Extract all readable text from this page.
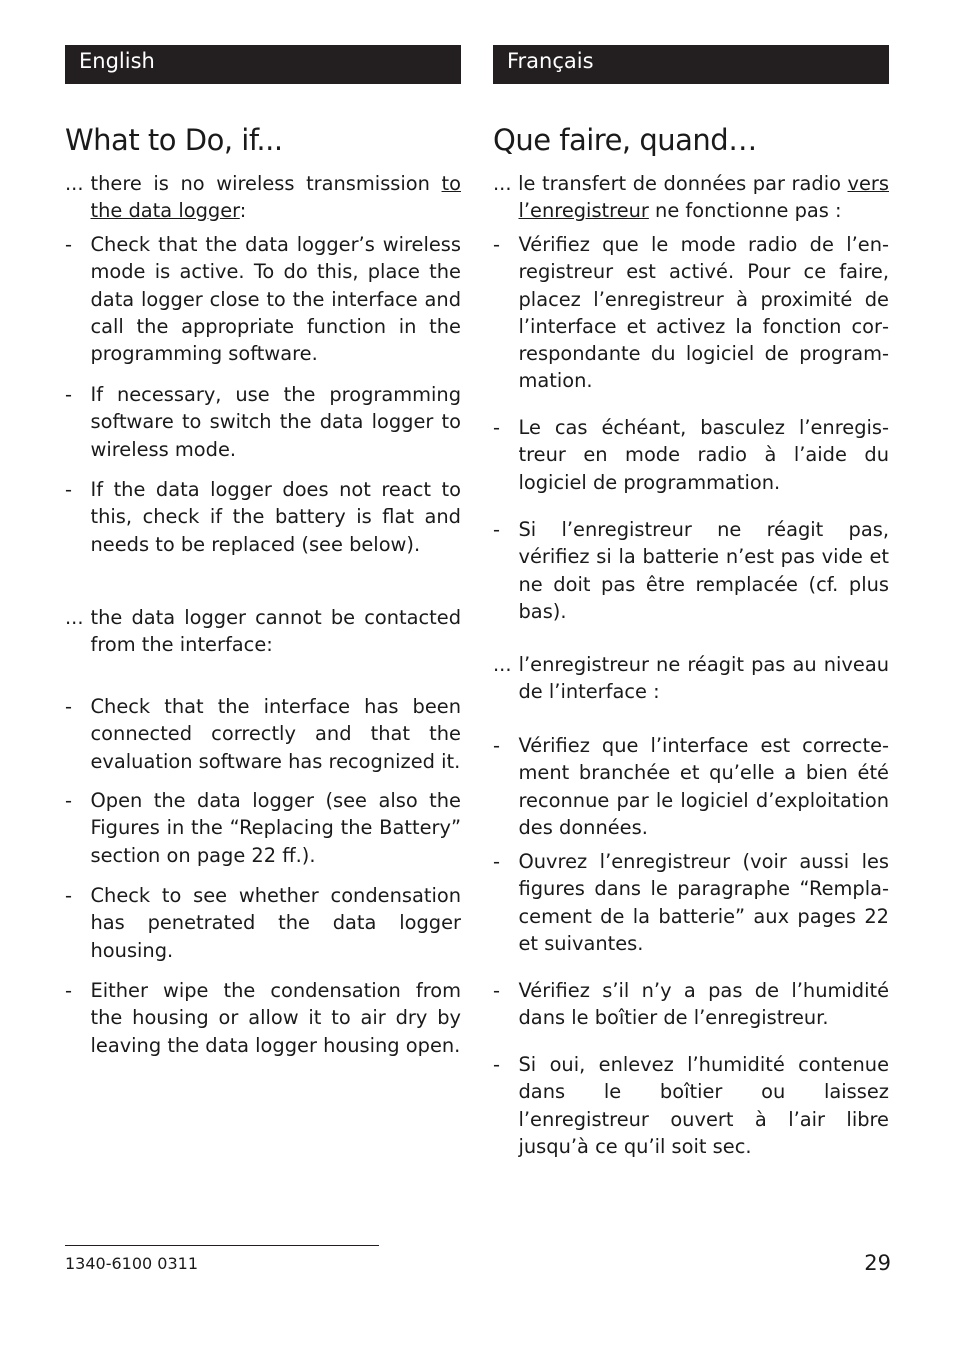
English
What to Do, if...
... there is no wireless transmission to the data logger:
- Check that the data logger’s wireless mode is active. To do this, place the data logger close to the interface and call the appropriate function in the programming software.
- If necessary, use the programming software to switch the data logger to wireless mode.
- If the data logger does not react to this, check if the battery is flat and needs to be replaced (see below).
... the data logger cannot be contacted from the interface:
- Check that the interface has been connected correctly and that the evaluation software has recognized it.
- Open the data logger (see also the Figures in the “Replacing the Battery” section on page 22 ff.).
- Check to see whether condensation has penetrated the data logger housing.
- Either wipe the condensation from the housing or allow it to air dry by leaving the data logger housing open.
Français
Que faire, quand…
... le transfert de données par radio vers l’enregistreur ne fonctionne pas :
- Vérifiez que le mode radio de l’enregistreur est activé. Pour ce faire, placez l’enregistreur à proximité de l’interface et activez la fonction correspondante du logiciel de programmation.
- Le cas échéant, basculez l’enregistreur en mode radio à l’aide du logiciel de programmation.
- Si l’enregistreur ne réagit pas, vérifiez si la batterie n’est pas vide et ne doit pas être remplacée (cf. plus bas).
... l’enregistreur ne réagit pas au niveau de l’interface :
- Vérifiez que l’interface est correctement branchée et qu’elle a bien été reconnue par le logiciel d’exploitation des données.
- Ouvrez l’enregistreur (voir aussi les figures dans le paragraphe “Remplacement de la batterie” aux pages 22 et suivantes.
- Vérifiez s’il n’y a pas de l’humidité dans le boîtier de l’enregistreur.
- Si oui, enlevez l’humidité contenue dans le boîtier ou laissez l’enregistreur ouvert à l’air libre jusqu’à ce qu’il soit sec.
1340-6100 0311	29
